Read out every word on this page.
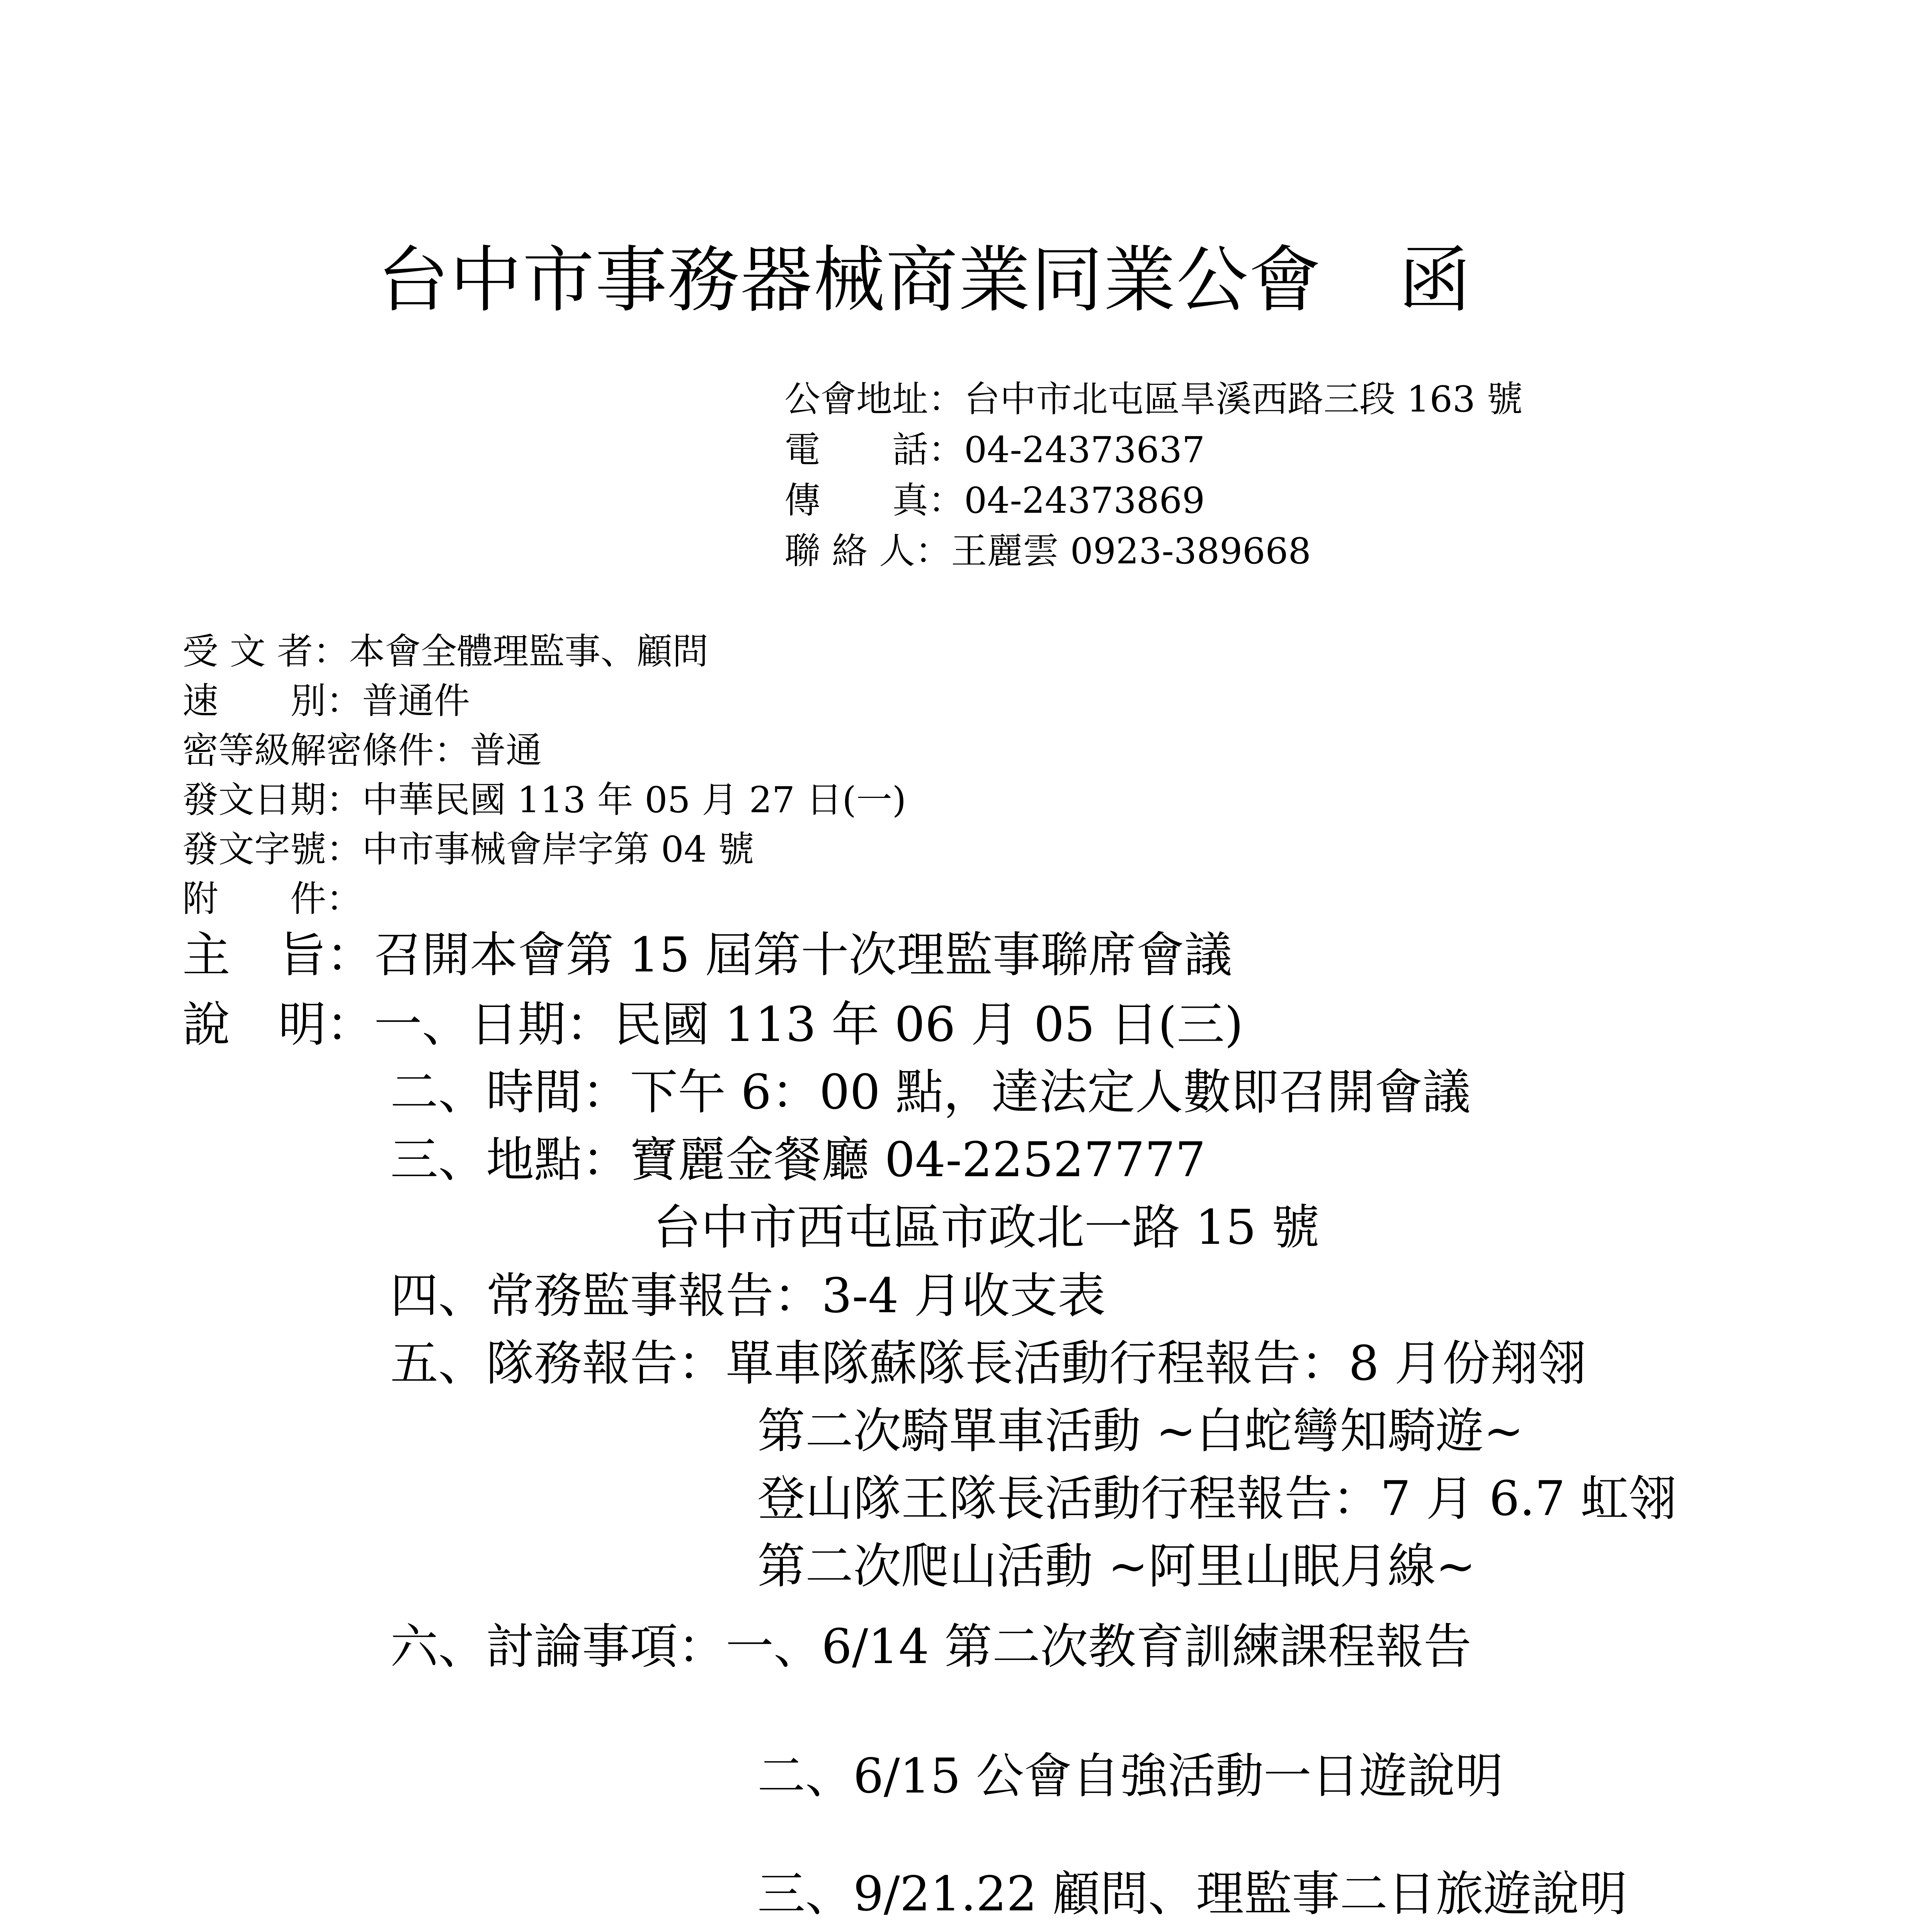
台中市事務器械商業同業公會 函
公會地址：台中市北屯區旱溪西路三段 163 號
電　　話：04-24373637
傳　　真：04-24373869
聯 絡 人：王麗雲 0923-389668
受 文 者：本會全體理監事、顧問
速　　別：普通件
密等級解密條件：普通
發文日期：中華民國 113 年 05 月 27 日(一)
發文字號：中市事械會岸字第 04 號
附　　件：
主　旨：召開本會第 15 屆第十次理監事聯席會議
說　明：一、日期：民國 113 年 06 月 05 日(三)
二、時間：下午 6：00 點，達法定人數即召開會議
三、地點：寶麗金餐廳 04-22527777
台中市西屯區市政北一路 15 號
四、常務監事報告：3-4 月收支表
五、隊務報告：單車隊蘇隊長活動行程報告：8 月份翔翎
第二次騎單車活動 ~白蛇彎知騎遊~
登山隊王隊長活動行程報告：7 月 6.7 虹翎
第二次爬山活動 ~阿里山眠月線~
六、討論事項：一、6/14 第二次教育訓練課程報告
二、6/15 公會自強活動一日遊說明
三、9/21.22 顧問、理監事二日旅遊說明
